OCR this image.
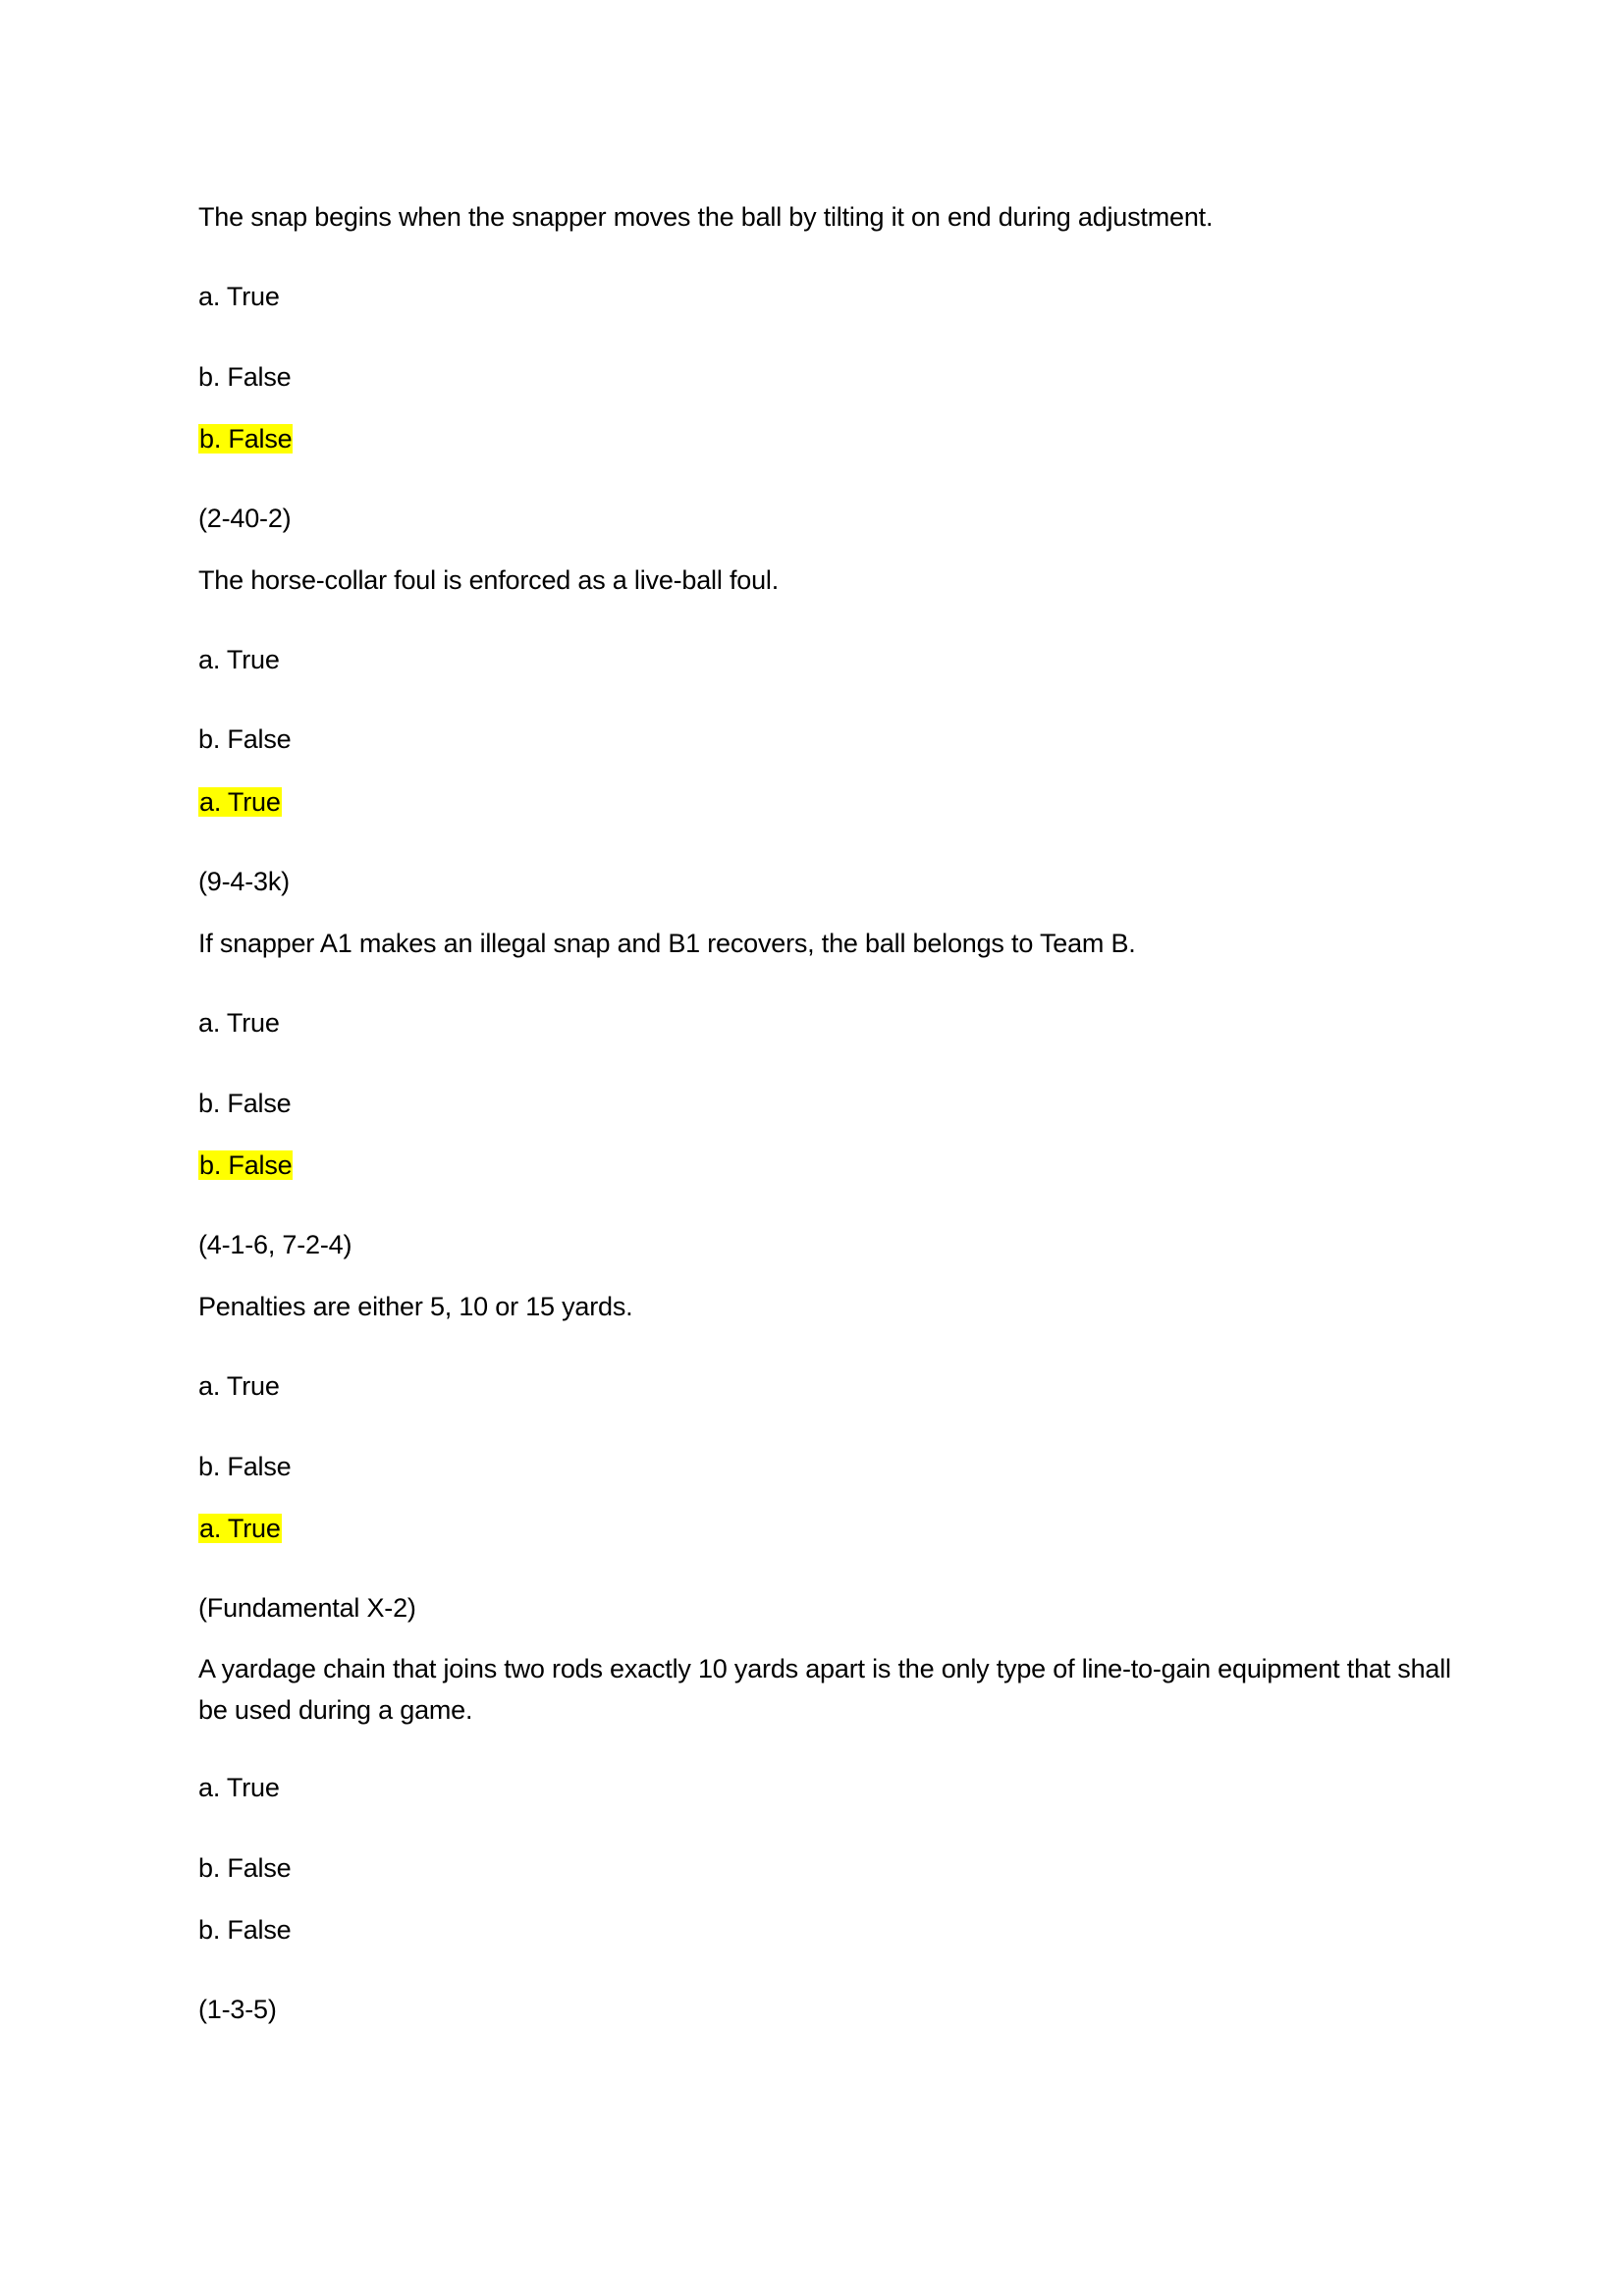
The snap begins when the snapper moves the ball by tilting it on end during adjustment.
a. True
b. False
b. False
(2-40-2)
The horse-collar foul is enforced as a live-ball foul.
a. True
b. False
a. True
(9-4-3k)
If snapper A1 makes an illegal snap and B1 recovers, the ball belongs to Team B.
a. True
b. False
b. False
(4-1-6, 7-2-4)
Penalties are either 5, 10 or 15 yards.
a. True
b. False
a. True
(Fundamental X-2)
A yardage chain that joins two rods exactly 10 yards apart is the only type of line-to-gain equipment that shall be used during a game.
a. True
b. False
b. False
(1-3-5)
